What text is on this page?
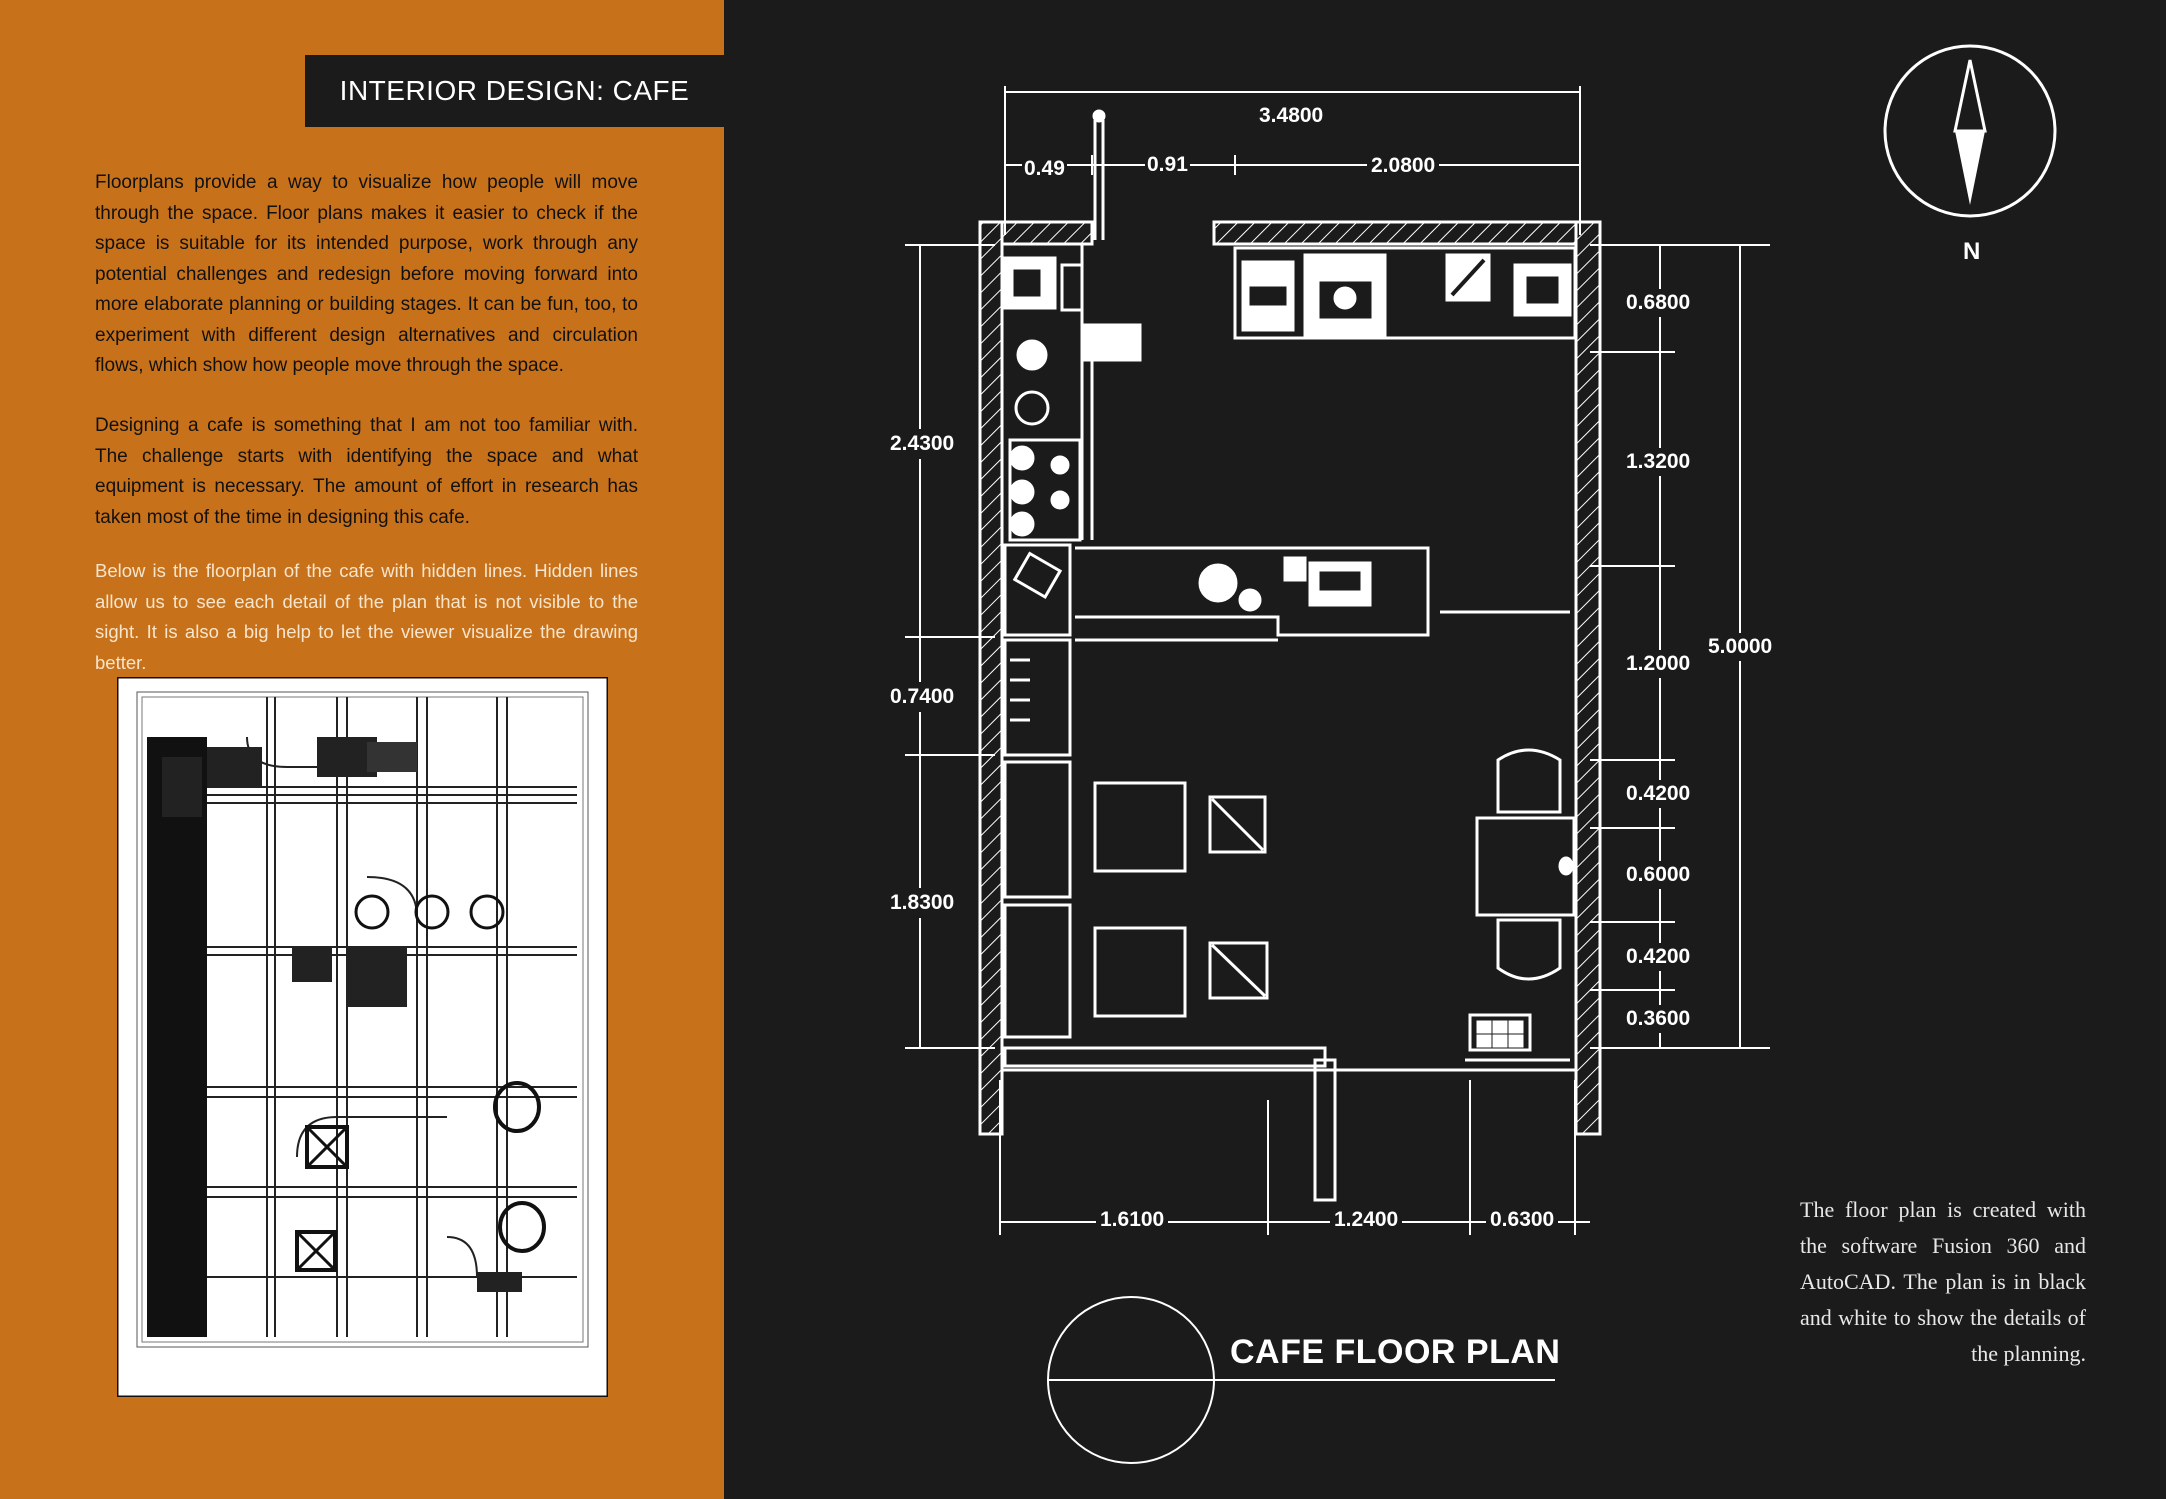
INTERIOR DESIGN: CAFE
Floorplans provide a way to visualize how people will move through the space. Floor plans makes it easier to check if the space is suitable for its intended purpose, work through any potential challenges and redesign before moving forward into more elaborate planning or building stages. It can be fun, too, to experiment with different design alternatives and circulation flows, which show how people move through the space.
Designing a cafe is something that I am not too familiar with. The challenge starts with identifying the space and what equipment is necessary. The amount of effort in research has taken most of the time in designing this cafe.
Below is the floorplan of the cafe with hidden lines. Hidden lines allow us to see each detail of the plan that is not visible to the sight. It is also a big help to let the viewer visualize the drawing better.
3.4800
0.49	0.91	2.0800
2.4300
0.7400
1.8300
0.6800
1.3200
1.2000
0.4200
0.6000
0.4200
0.3600
5.0000
1.6100	1.2400	0.6300
N
CAFE FLOOR PLAN
The floor plan is created with the software Fusion 360 and AutoCAD. The plan is in black and white to show the details of the planning.
